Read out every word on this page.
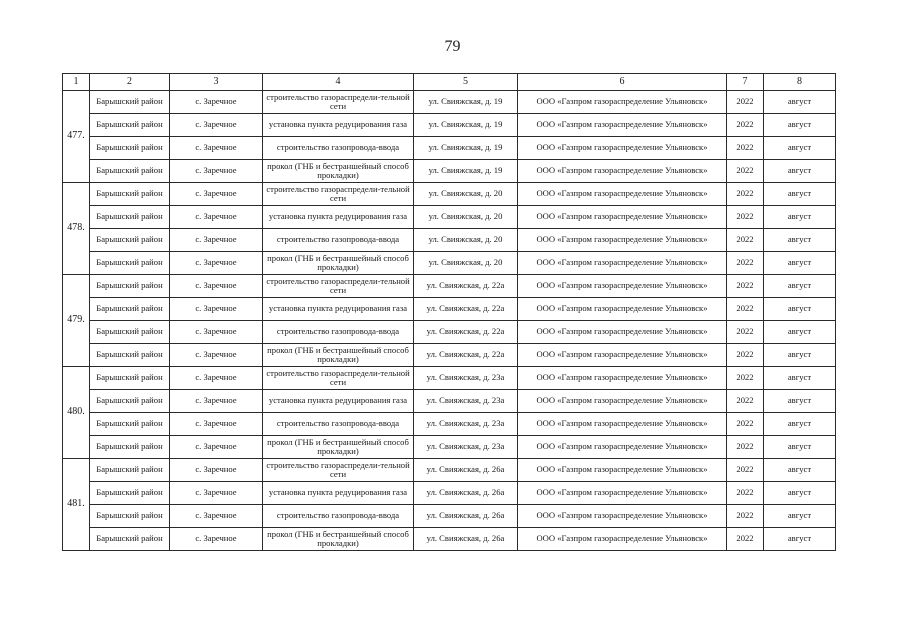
79
1	2	3	4	5	6	7	8
477.	Барышский район	с. Заречное	строительство газораспредели-тельной сети	ул. Свияжская, д. 19	ООО «Газпром газораспределение Ульяновск»	2022	август
	Барышский район	с. Заречное	установка пункта редуцирования газа	ул. Свияжская, д. 19	ООО «Газпром газораспределение Ульяновск»	2022	август
	Барышский район	с. Заречное	строительство газопровода-ввода	ул. Свияжская, д. 19	ООО «Газпром газораспределение Ульяновск»	2022	август
	Барышский район	с. Заречное	прокол (ГНБ и бестраншейный способ прокладки)	ул. Свияжская, д. 19	ООО «Газпром газораспределение Ульяновск»	2022	август
478.	Барышский район	с. Заречное	строительство газораспредели-тельной сети	ул. Свияжская, д. 20	ООО «Газпром газораспределение Ульяновск»	2022	август
	Барышский район	с. Заречное	установка пункта редуцирования газа	ул. Свияжская, д. 20	ООО «Газпром газораспределение Ульяновск»	2022	август
	Барышский район	с. Заречное	строительство газопровода-ввода	ул. Свияжская, д. 20	ООО «Газпром газораспределение Ульяновск»	2022	август
	Барышский район	с. Заречное	прокол (ГНБ и бестраншейный способ прокладки)	ул. Свияжская, д. 20	ООО «Газпром газораспределение Ульяновск»	2022	август
479.	Барышский район	с. Заречное	строительство газораспредели-тельной сети	ул. Свияжская, д. 22а	ООО «Газпром газораспределение Ульяновск»	2022	август
	Барышский район	с. Заречное	установка пункта редуцирования газа	ул. Свияжская, д. 22а	ООО «Газпром газораспределение Ульяновск»	2022	август
	Барышский район	с. Заречное	строительство газопровода-ввода	ул. Свияжская, д. 22а	ООО «Газпром газораспределение Ульяновск»	2022	август
	Барышский район	с. Заречное	прокол (ГНБ и бестраншейный способ прокладки)	ул. Свияжская, д. 22а	ООО «Газпром газораспределение Ульяновск»	2022	август
480.	Барышский район	с. Заречное	строительство газораспредели-тельной сети	ул. Свияжская, д. 23а	ООО «Газпром газораспределение Ульяновск»	2022	август
	Барышский район	с. Заречное	установка пункта редуцирования газа	ул. Свияжская, д. 23а	ООО «Газпром газораспределение Ульяновск»	2022	август
	Барышский район	с. Заречное	строительство газопровода-ввода	ул. Свияжская, д. 23а	ООО «Газпром газораспределение Ульяновск»	2022	август
	Барышский район	с. Заречное	прокол (ГНБ и бестраншейный способ прокладки)	ул. Свияжская, д. 23а	ООО «Газпром газораспределение Ульяновск»	2022	август
481.	Барышский район	с. Заречное	строительство газораспредели-тельной сети	ул. Свияжская, д. 26а	ООО «Газпром газораспределение Ульяновск»	2022	август
	Барышский район	с. Заречное	установка пункта редуцирования газа	ул. Свияжская, д. 26а	ООО «Газпром газораспределение Ульяновск»	2022	август
	Барышский район	с. Заречное	строительство газопровода-ввода	ул. Свияжская, д. 26а	ООО «Газпром газораспределение Ульяновск»	2022	август
	Барышский район	с. Заречное	прокол (ГНБ и бестраншейный способ прокладки)	ул. Свияжская, д. 26а	ООО «Газпром газораспределение Ульяновск»	2022	август
